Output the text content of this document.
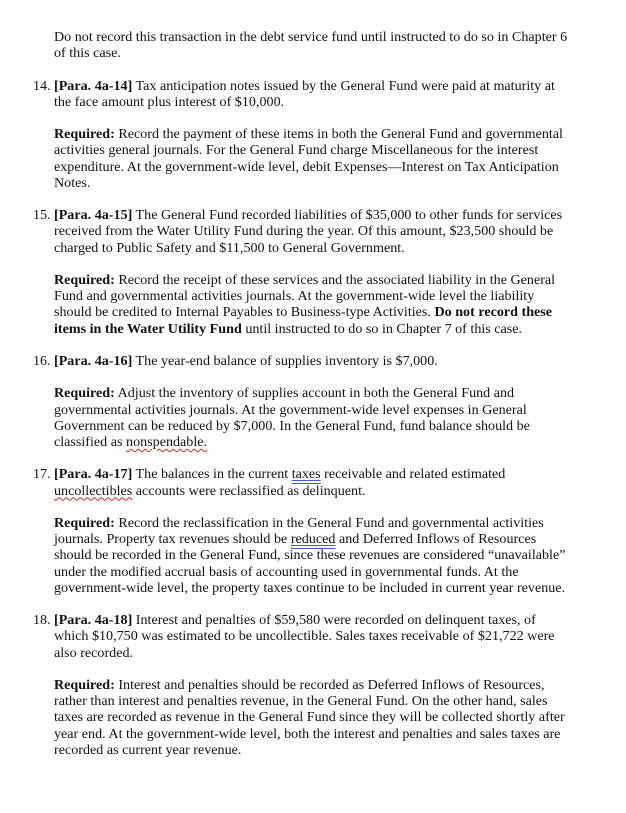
Do not record this transaction in the debt service fund until instructed to do so in Chapter 6 of this case.

14. [Para. 4a-14] Tax anticipation notes issued by the General Fund were paid at maturity at the face amount plus interest of $10,000.

Required: Record the payment of these items in both the General Fund and governmental activities general journals. For the General Fund charge Miscellaneous for the interest expenditure. At the government-wide level, debit Expenses—Interest on Tax Anticipation Notes.

15. [Para. 4a-15] The General Fund recorded liabilities of $35,000 to other funds for services received from the Water Utility Fund during the year. Of this amount, $23,500 should be charged to Public Safety and $11,500 to General Government.

Required: Record the receipt of these services and the associated liability in the General Fund and governmental activities journals. At the government-wide level the liability should be credited to Internal Payables to Business-type Activities. Do not record these items in the Water Utility Fund until instructed to do so in Chapter 7 of this case.

16. [Para. 4a-16] The year-end balance of supplies inventory is $7,000.

Required: Adjust the inventory of supplies account in both the General Fund and governmental activities journals. At the government-wide level expenses in General Government can be reduced by $7,000. In the General Fund, fund balance should be classified as nonspendable.

17. [Para. 4a-17] The balances in the current taxes receivable and related estimated uncollectibles accounts were reclassified as delinquent.

Required: Record the reclassification in the General Fund and governmental activities journals. Property tax revenues should be reduced and Deferred Inflows of Resources should be recorded in the General Fund, since these revenues are considered “unavailable” under the modified accrual basis of accounting used in governmental funds. At the government-wide level, the property taxes continue to be included in current year revenue.

18. [Para. 4a-18] Interest and penalties of $59,580 were recorded on delinquent taxes, of which $10,750 was estimated to be uncollectible. Sales taxes receivable of $21,722 were also recorded.

Required: Interest and penalties should be recorded as Deferred Inflows of Resources, rather than interest and penalties revenue, in the General Fund. On the other hand, sales taxes are recorded as revenue in the General Fund since they will be collected shortly after year end. At the government-wide level, both the interest and penalties and sales taxes are recorded as current year revenue.
